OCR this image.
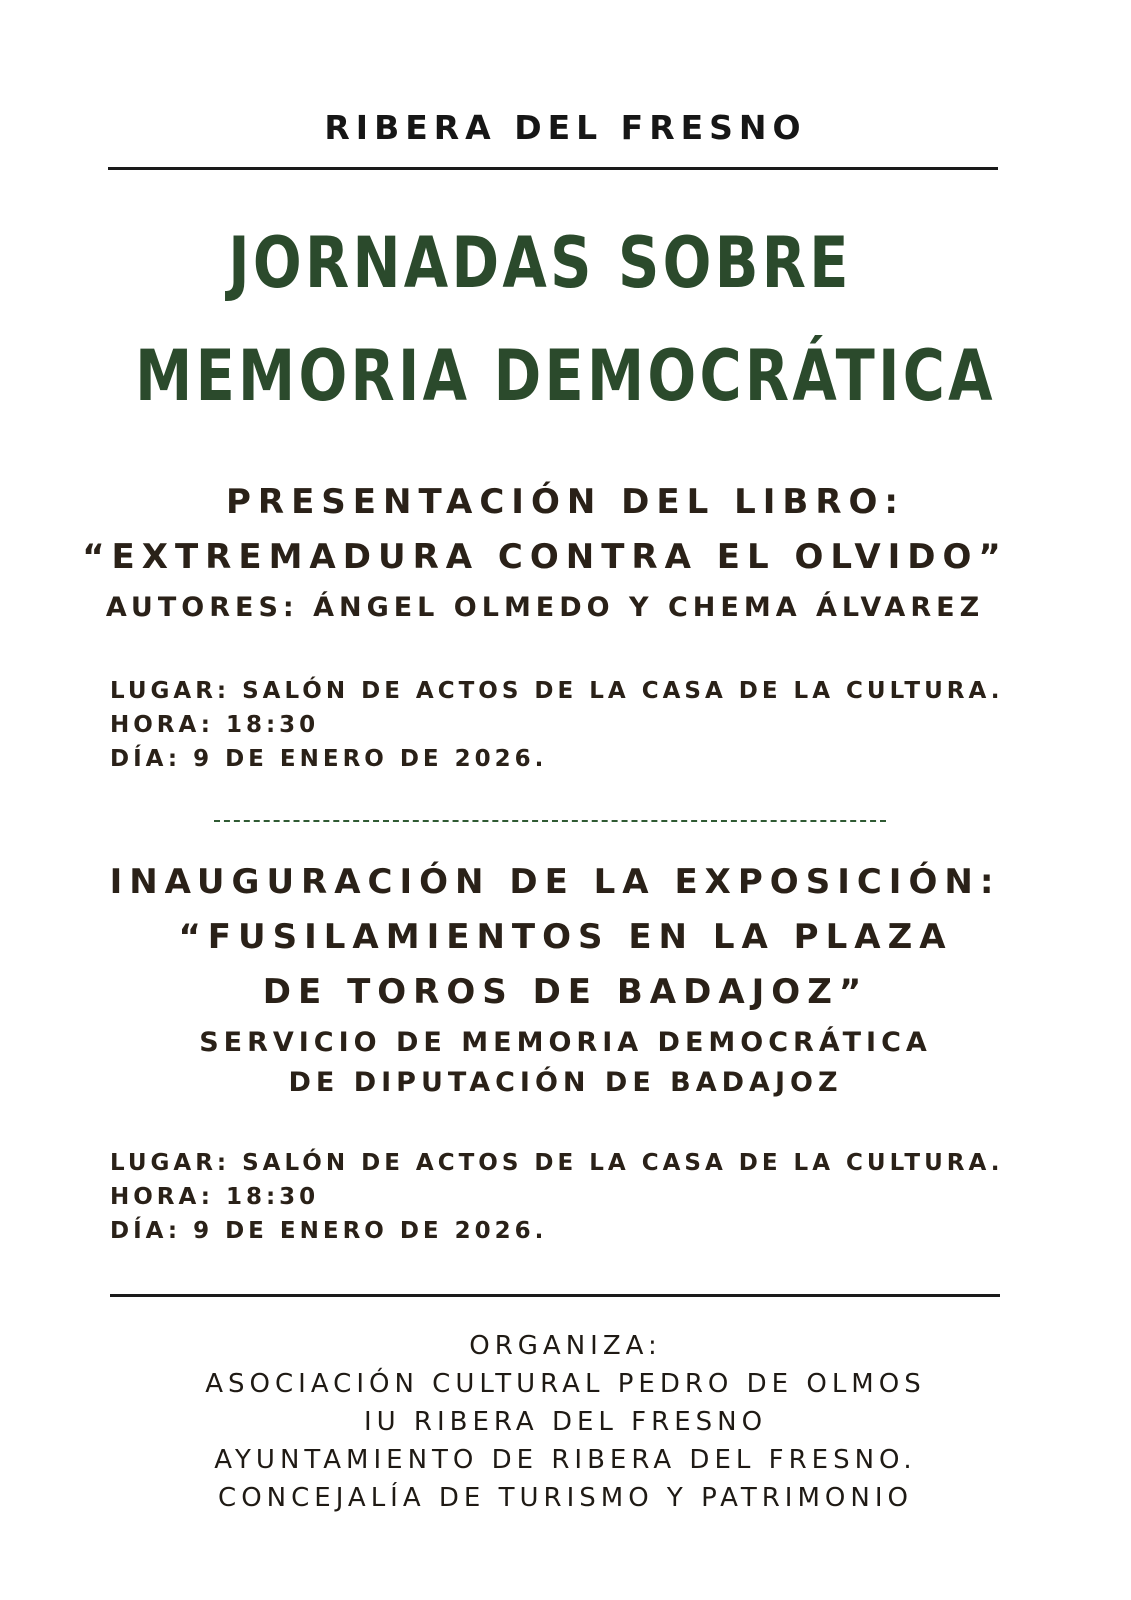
RIBERA DEL FRESNO
JORNADAS SOBRE
MEMORIA DEMOCRÁTICA
PRESENTACIÓN DEL LIBRO:
“EXTREMADURA CONTRA EL OLVIDO”
AUTORES: ÁNGEL OLMEDO Y CHEMA ÁLVAREZ
LUGAR: SALÓN DE ACTOS DE LA CASA DE LA CULTURA.
HORA: 18:30
DÍA: 9 DE ENERO DE 2026.
INAUGURACIÓN DE LA EXPOSICIÓN:
“FUSILAMIENTOS EN LA PLAZA
DE TOROS DE BADAJOZ”
SERVICIO DE MEMORIA DEMOCRÁTICA
DE DIPUTACIÓN DE BADAJOZ
LUGAR: SALÓN DE ACTOS DE LA CASA DE LA CULTURA.
HORA: 18:30
DÍA: 9 DE ENERO DE 2026.
ORGANIZA:
ASOCIACIÓN CULTURAL PEDRO DE OLMOS
IU RIBERA DEL FRESNO
AYUNTAMIENTO DE RIBERA DEL FRESNO.
CONCEJALÍA DE TURISMO Y PATRIMONIO
